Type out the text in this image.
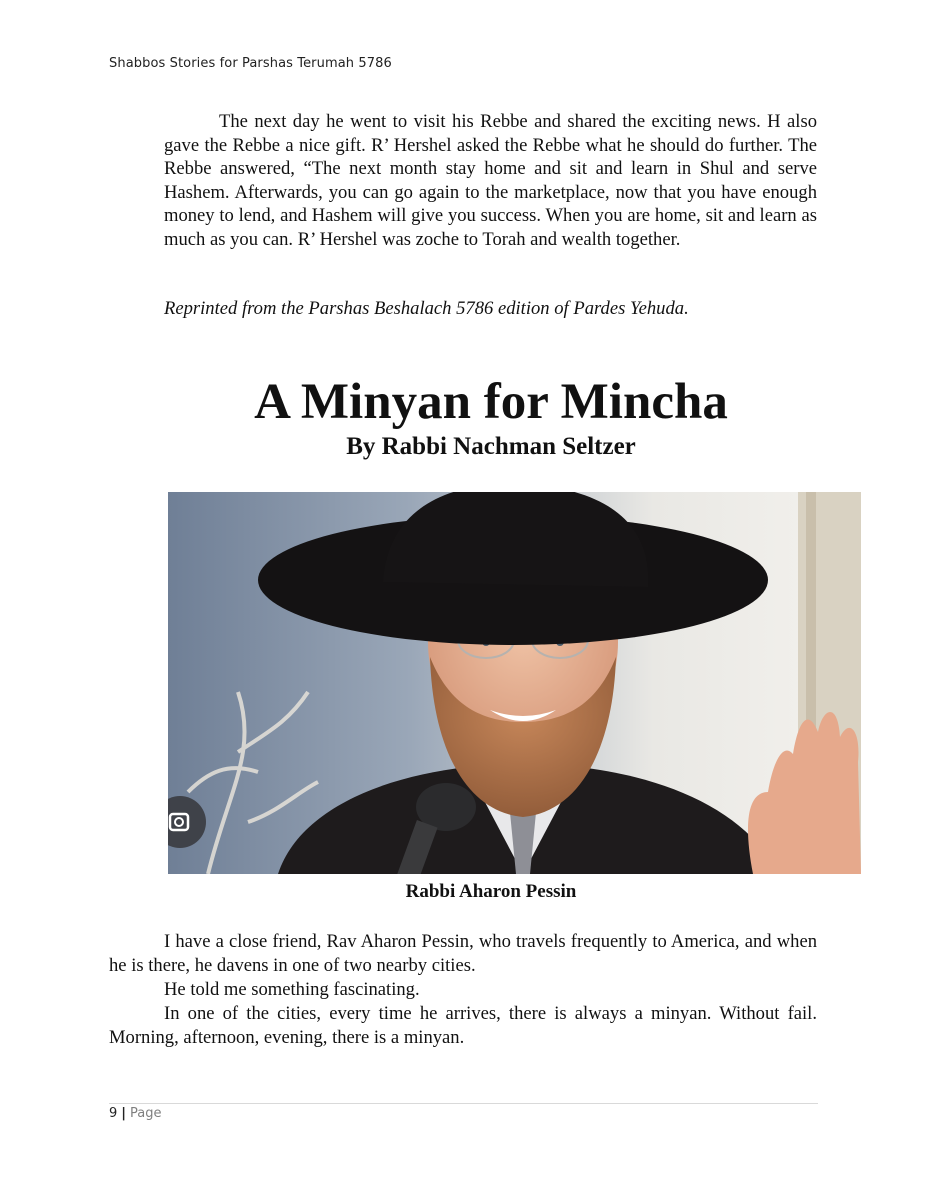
Shabbos Stories for Parshas Terumah 5786

The next day he went to visit his Rebbe and shared the exciting news. H also gave the Rebbe a nice gift. R’ Hershel asked the Rebbe what he should do further. The Rebbe answered, “The next month stay home and sit and learn in Shul and serve Hashem. Afterwards, you can go again to the marketplace, now that you have enough money to lend, and Hashem will give you success. When you are home, sit and learn as much as you can. R’ Hershel was zoche to Torah and wealth together.

Reprinted from the Parshas Beshalach 5786 edition of Pardes Yehuda.

A Minyan for Mincha
By Rabbi Nachman Seltzer
Rabbi Aharon Pessin

I have a close friend, Rav Aharon Pessin, who travels frequently to America, and when he is there, he davens in one of two nearby cities.

He told me something fascinating.

In one of the cities, every time he arrives, there is always a minyan. Without fail. Morning, afternoon, evening, there is a minyan.

9 | Page
